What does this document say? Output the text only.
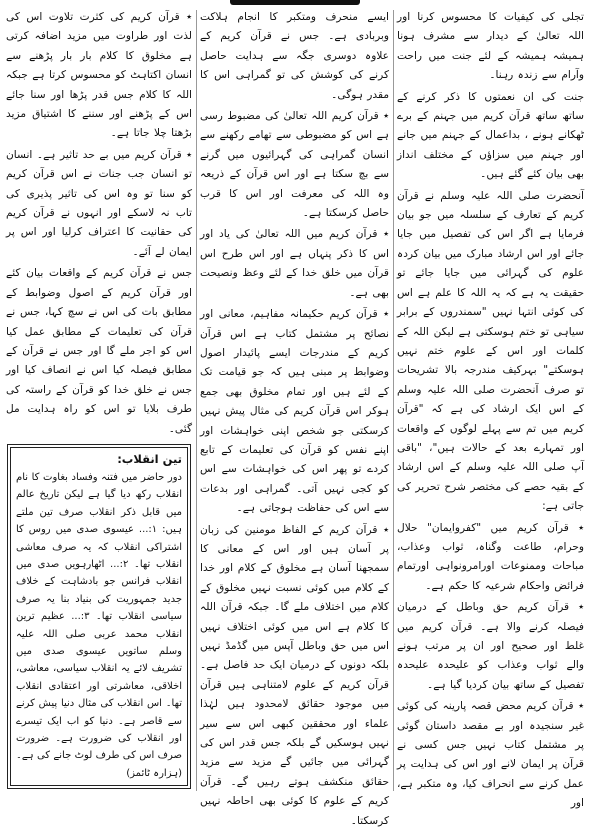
تجلی کی کیفیات کا محسوس کرنا اور اللہ تعالیٰ کے دیدار سے مشرف ہونا ہمیشہ ہمیشہ کے لئے جنت میں راحت وآرام سے زندہ رہنا۔

جنت کی ان نعمتوں کا ذکر کرنے کے ساتھ ساتھ قرآن کریم میں جہنم کے برے ٹھکانے ہونے ، بداعمال کے جہنم میں جانے اور جہنم میں سزاؤں کے مختلف انداز بھی بیان کئے گئے ہیں۔

آنحضرت صلی اللہ علیہ وسلم نے قرآن کریم کے تعارف کے سلسلہ میں جو بیان فرمایا ہے اگر اس کی تفصیل میں جایا جائے اور اس ارشاد مبارک میں بیان کردہ علوم کی گہرائی میں جایا جائے تو حقیقت یہ ہے کہ یہ اللہ کا علم ہے اس کی کوئی انتہا نہیں "سمندروں کے برابر سیاہی تو ختم ہوسکتی ہے لیکن اللہ کے کلمات اور اس کے علوم ختم نہیں ہوسکتے" بہرکیف مندرجہ بالا تشریحات تو صرف آنحضرت صلی اللہ علیہ وسلم کے اس ایک ارشاد کی ہے کہ "قرآن کریم میں تم سے پہلے لوگوں کے واقعات اور تمہارے بعد کے حالات ہیں"، "باقی آپ صلی اللہ علیہ وسلم کے اس ارشاد کے بقیہ حصے کی مختصر شرح تحریر کی جاتی ہے:

٭ قرآن کریم میں "کفروایمان" حلال وحرام، طاعت وگناہ، ثواب وعذاب، مباحات وممنوعات اورامرونواہی اورتمام فرائض واحکام شرعیہ کا حکم ہے۔

٭ قرآن کریم حق وباطل کے درمیان فیصلہ کرنے والا ہے۔ قرآن کریم میں غلط اور صحیح اور ان پر مرتب ہونے والے ثواب وعذاب کو علیحدہ علیحدہ تفصیل کے ساتھ بیان کردیا گیا ہے۔

٭ قرآن کریم محض قصہ پارینہ کی کوئی غیر سنجیدہ اور بے مقصد داستان گوئی پر مشتمل کتاب نہیں جس کسی نے قرآن پر ایمان لانے اور اس کی ہدایت پر عمل کرنے سے انحراف کیا، وہ متکبر ہے، اور

ایسے منحرف ومتکبر کا انجام ہلاکت وبربادی ہے۔ جس نے قرآن کریم کے علاوہ دوسری جگہ سے ہدایت حاصل کرنے کی کوشش کی تو گمراہی اس کا مقدر ہوگی۔

٭ قرآن کریم اللہ تعالیٰ کی مضبوط رسی ہے اس کو مضبوطی سے تھامے رکھنے سے انسان گمراہی کی گہرائیوں میں گرنے سے بچ سکتا ہے اور اس قرآن کے ذریعہ وہ اللہ کی معرفت اور اس کا قرب حاصل کرسکتا ہے۔

٭ قرآن کریم میں اللہ تعالیٰ کی یاد اور اس کا ذکر پنہاں ہے اور اس طرح اس قرآن میں خلق خدا کے لئے وعظ ونصیحت بھی ہے۔

٭ قرآن کریم حکیمانہ مفاہیم، معانی اور نصائح پر مشتمل کتاب ہے اس قرآن کریم کے مندرجات ایسے پائیدار اصول وضوابط پر مبنی ہیں کہ جو قیامت تک کے لئے ہیں اور تمام مخلوق بھی جمع ہوکر اس قرآن کریم کی مثال پیش نہیں کرسکتی جو شخص اپنی خواہشات اور اپنے نفس کو قرآن کی تعلیمات کے تابع کردے تو پھر اس کی خواہشات سے اس کو کجی نہیں آتی۔ گمراہی اور بدعات سے اس کی حفاظت ہوجاتی ہے۔

٭ قرآن کریم کے الفاظ مومنین کی زبان پر آسان ہیں اور اس کے معانی کا سمجھنا آسان ہے مخلوق کے کلام اور خدا کے کلام میں کوئی نسبت نہیں مخلوق کے کلام میں اختلاف ملے گا۔ جبکہ قرآن اللہ کا کلام ہے اس میں کوئی اختلاف نہیں اس میں حق وباطل آپس میں گڈمڈ نہیں بلکہ دونوں کے درمیان ایک حد فاصل ہے۔ قرآن کریم کے علوم لامتناہی ہیں قرآن میں موجود حقائق لامحدود ہیں لہٰذا علماء اور محققین کبھی اس سے سیر نہیں ہوسکیں گے بلکہ جس قدر اس کی گہرائی میں جائیں گے مزید سے مزید حقائق منکشف ہوتے رہیں گے۔ قرآن کریم کے علوم کا کوئی بھی احاطہ نہیں کرسکتا۔

٭ قرآن کریم کی کثرت تلاوت اس کی لذت اور طراوت میں مزید اضافہ کرتی ہے مخلوق کا کلام بار بار پڑھنے سے انسان اکتاہٹ کو محسوس کرتا ہے جبکہ اللہ کا کلام جس قدر پڑھا اور سنا جائے اس کے پڑھنے اور سننے کا اشتیاق مزید بڑھتا چلا جاتا ہے۔

٭ قرآن کریم میں بے حد تاثیر ہے۔ انسان تو انسان جب جنات نے اس قرآن کریم کو سنا تو وہ اس کی تاثیر پذیری کی تاب نہ لاسکے اور انہوں نے قرآن کریم کی حقانیت کا اعتراف کرلیا اور اس پر ایمان لے آئے۔

جس نے قرآن کریم کے واقعات بیان کئے اور قرآن کریم کے اصول وضوابط کے مطابق بات کی اس نے سچ کہا، جس نے قرآن کی تعلیمات کے مطابق عمل کیا اس کو اجر ملے گا اور جس نے قرآن کے مطابق فیصلہ کیا اس نے انصاف کیا اور جس نے خلق خدا کو قرآن کے راستہ کی طرف بلایا تو اس کو راہ ہدایت مل گئی۔

تین انقلاب:

دور حاضر میں فتنہ وفساد بغاوت کا نام انقلاب رکھ دیا گیا ہے لیکن تاریخ عالم میں قابل ذکر انقلاب صرف تین ملتے ہیں: ١:... عیسوی صدی میں روس کا اشتراکی انقلاب کہ یہ صرف معاشی انقلاب تھا۔ ٢:... اٹھارہویں صدی میں انقلاب فرانس جو بادشاہت کے خلاف جدید جمہوریت کی بنیاد بنا یہ صرف سیاسی انقلاب تھا۔ ٣:... عظیم ترین انقلاب محمد عربی صلی اللہ علیہ وسلم ساتویں عیسوی صدی میں تشریف لائے یہ انقلاب سیاسی، معاشی، اخلاقی، معاشرتی اور اعتقادی انقلاب تھا۔ اس انقلاب کی مثال دنیا پیش کرنے سے قاصر ہے۔ دنیا کو اب ایک تیسرے اور انقلاب کی ضرورت ہے۔ ضرورت صرف اس کی طرف لوٹ جانے کی ہے۔ (ہزارہ ٹائمز)
